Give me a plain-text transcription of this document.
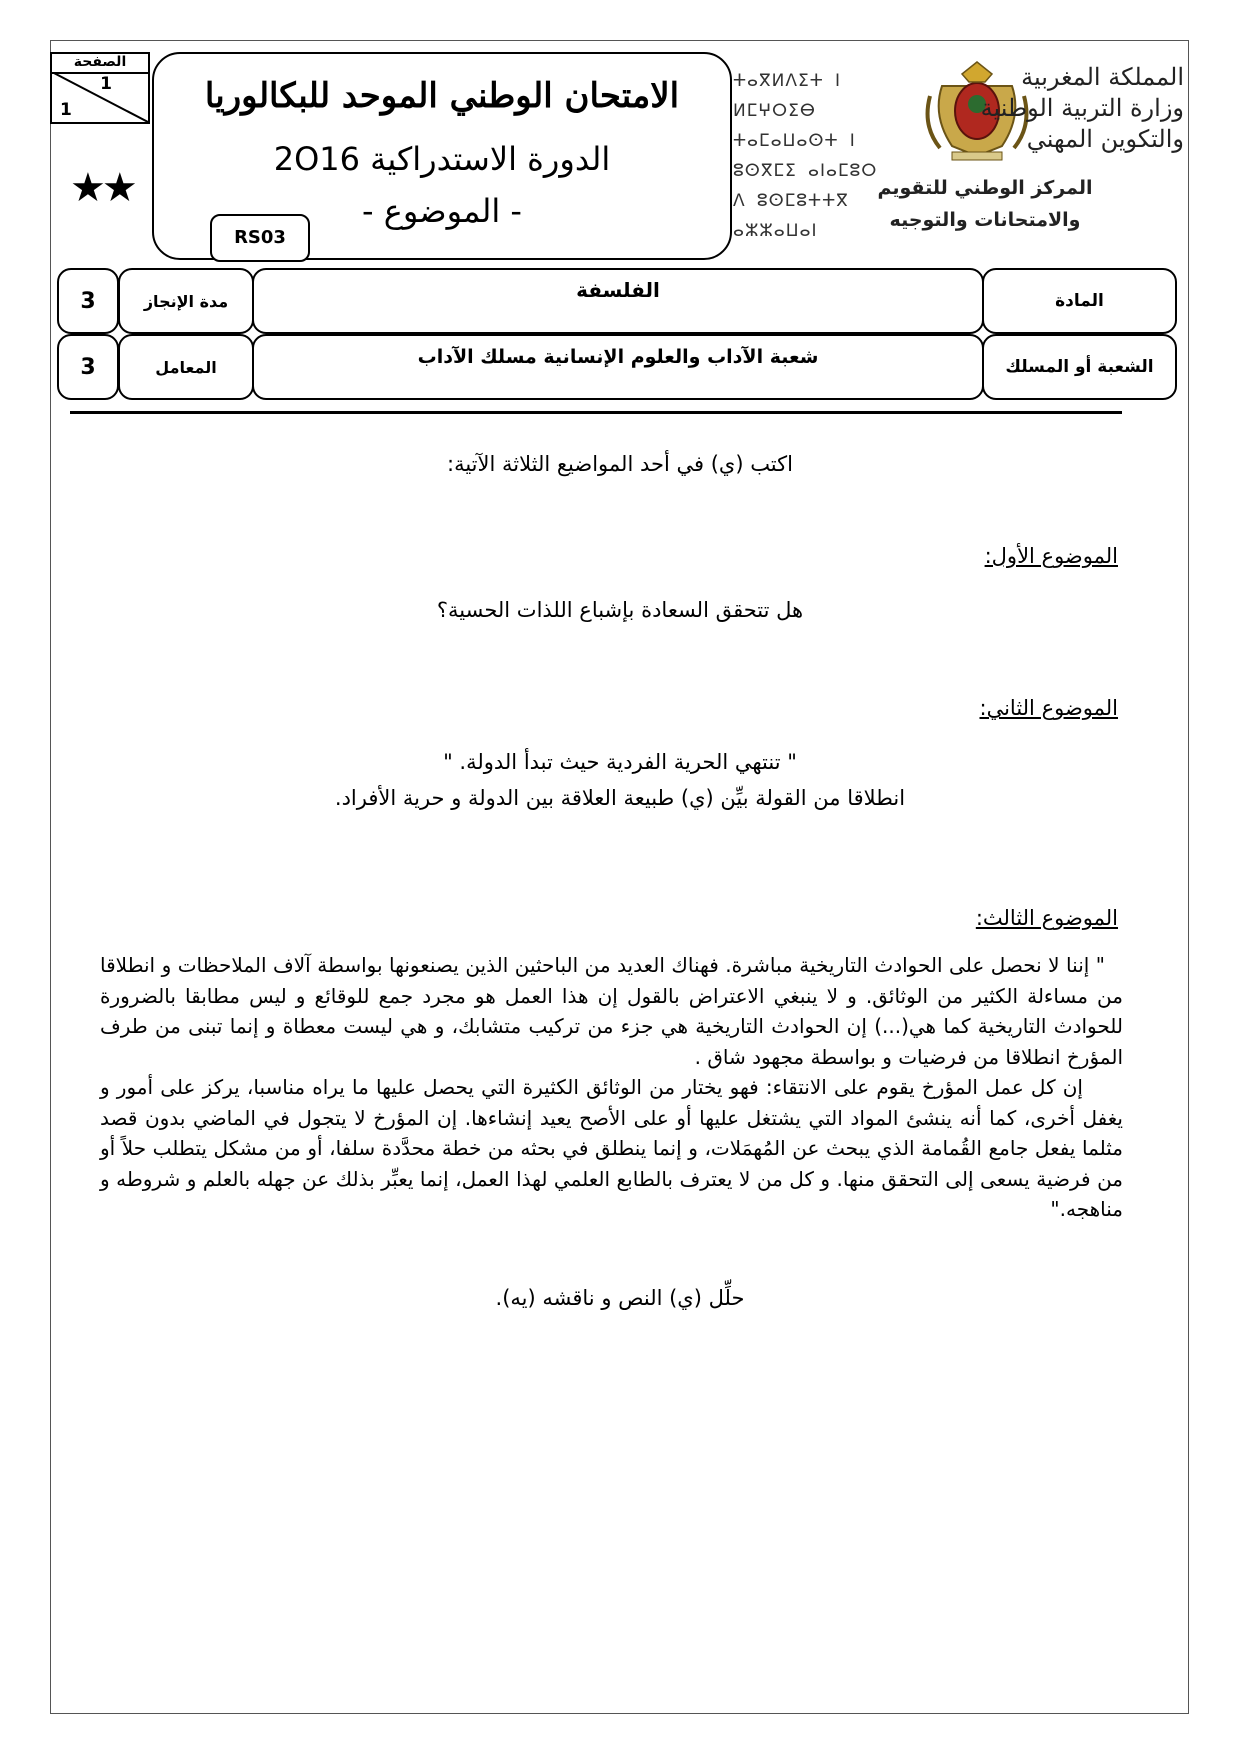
الصفحة
1
1
★★
الامتحان الوطني الموحد للبكالوريا
الدورة الاستدراكية 2O16
- الموضوع -
RS03
ⵜⴰⴳⵍⴷⵉⵜ ⵏ ⵍⵎⵖⵔⵉⴱ
ⵜⴰⵎⴰⵡⴰⵙⵜ ⵏ ⵓⵙⴳⵎⵉ ⴰⵏⴰⵎⵓⵔ
ⴷ ⵓⵙⵎⵓⵜⵜⴳ ⴰⵣⵣⴰⵡⴰⵏ
المملكة المغربية
وزارة التربية الوطنية
والتكوين المهني
المركز الوطني للتقويم
والامتحانات والتوجيه
المادة
الفلسفة
مدة الإنجاز
3
الشعبة أو المسلك
شعبة الآداب والعلوم الإنسانية مسلك الآداب
المعامل
3
اكتب (ي) في أحد المواضيع الثلاثة الآتية:
الموضوع الأول:
هل تتحقق السعادة بإشباع اللذات الحسية؟
الموضوع الثاني:
" تنتهي الحرية الفردية حيث تبدأ الدولة. "
انطلاقا من القولة بيِّن (ي) طبيعة العلاقة بين الدولة و حرية الأفراد.
الموضوع الثالث:
" إننا لا نحصل على الحوادث التاريخية مباشرة. فهناك العديد من الباحثين الذين يصنعونها بواسطة آلاف الملاحظات و انطلاقا من مساءلة الكثير من الوثائق. و لا ينبغي الاعتراض بالقول إن هذا العمل هو مجرد جمع للوقائع و ليس مطابقا بالضرورة للحوادث التاريخية كما هي(...) إن الحوادث التاريخية هي جزء من تركيب متشابك، و هي ليست معطاة و إنما تبنى من طرف المؤرخ انطلاقا من فرضيات و بواسطة مجهود شاق .
إن كل عمل المؤرخ يقوم على الانتقاء: فهو يختار من الوثائق الكثيرة التي يحصل عليها ما يراه مناسبا، يركز على أمور و يغفل أخرى، كما أنه ينشئ المواد التي يشتغل عليها أو على الأصح يعيد إنشاءها. إن المؤرخ لا يتجول في الماضي بدون قصد مثلما يفعل جامع القُمامة الذي يبحث عن المُهمَلات، و إنما ينطلق في بحثه من خطة محدَّدة سلفا، أو من مشكل يتطلب حلاً أو من فرضية يسعى إلى التحقق منها. و كل من لا يعترف بالطابع العلمي لهذا العمل، إنما يعبِّر بذلك عن جهله بالعلم و شروطه و مناهجه."
حلِّل (ي) النص و ناقشه (يه).
